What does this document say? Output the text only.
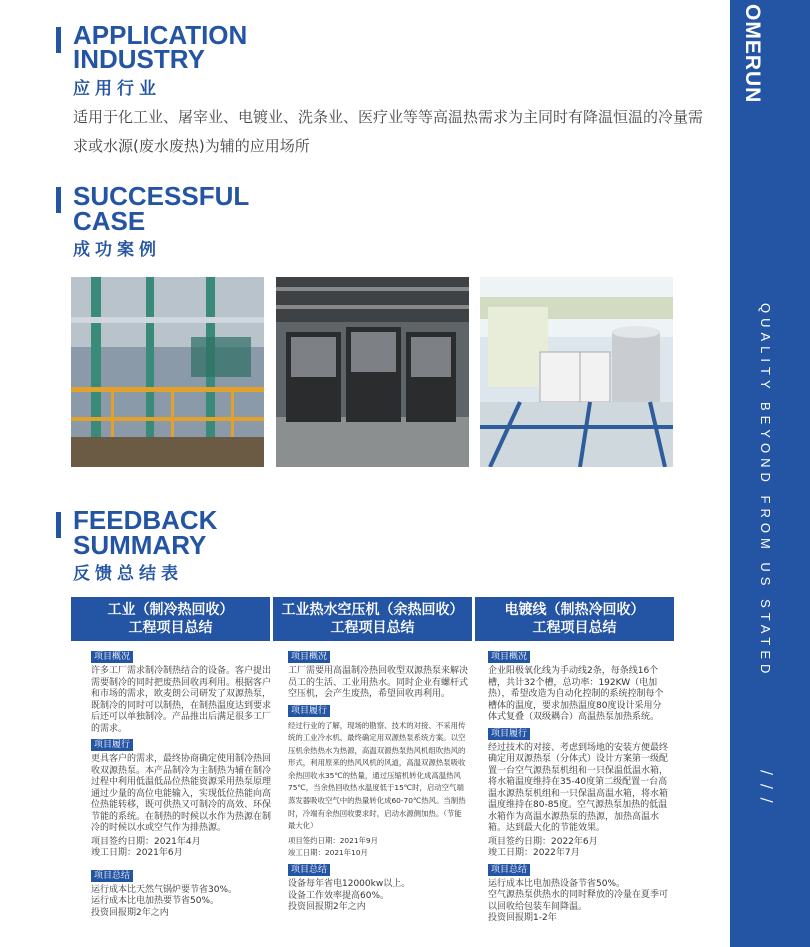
OMERUN
QUALITY BEYOND FROM US STATED
/ / /
APPLICATION
INDUSTRY
应用行业
适用于化工业、屠宰业、电镀业、洗条业、医疗业等等高温热需求为主同时有降温恒温的冷量需求或水源(废水废热)为辅的应用场所
SUCCESSFUL
CASE
成功案例
FEEDBACK
SUMMARY
反馈总结表
工业（制冷热回收）
工程项目总结
工业热水空压机（余热回收）
工程项目总结
电镀线（制热冷回收）
工程项目总结
项目概况

许多工厂需求制冷制热结合的设备。客户提出需要制冷的同时把废热回收再利用。根据客户和市场的需求，欧麦朗公司研发了双源热泵，既制冷的同时可以制热，在制热温度达到要求后还可以单独制冷。产品推出后满足很多工厂的需求。

项目履行

更具客户的需求，最终协商确定使用制冷热回收双源热泵。本产品制冷为主制热为辅在制冷过程中利用低温低品位热能资源采用热泵原理通过少量的高位电能输入，实现低位热能向高位热能转移，既可供热又可制冷的高效、环保节能的系统。在制热的时候以水作为热源在制冷的时候以水或空气作为排热源。

项目签约日期：2021年4月

竣工日期：2021年6月

项目总结

运行成本比天然气锅炉要节省30%。

运行成本比电加热要节省50%。

投资回报期2年之内

项目概况

工厂需要用高温制冷热回收型双源热泵来解决员工的生活、工业用热水。同时企业有螺杆式空压机，会产生废热，希望回收再利用。

项目履行

经过行业的了解，现场的勘察、技术的对接、不采用传统的工业冷水机、最终确定用双源热泵系统方案。以空压机余热热水为热源，高温双源热泵热风机组吹热风的形式，利用原来的热风风机的风道，高温双源热泵吸收余热回收水35℃的热量，通过压缩机转化成高温热风75℃，当余热回收热水温度低于15℃时，启动空气端蒸发器吸收空气中的热量转化成60-70℃热风。当制热时，冷端有余热回收要求时，启动水源侧加热。（节能最大化）

项目签约日期：2021年9月

竣工日期：2021年10月

项目总结

设备每年省电12000kw以上。

设备工作效率提高60%。

投资回报期2年之内

项目概况

企业阳极氧化线为手动线2条，每条线16个槽，共计32个槽，总功率：192KW（电加热），希望改造为自动化控制的系统控制每个槽体的温度，要求加热温度80度设计采用分体式复叠（双级耦合）高温热泵加热系统。

项目履行

经过技术的对接、考虑到场地的安装方便最终确定用双源热泵（分体式）设计方案第一级配置一台空气源热泵机组和一只保温低温水箱，将水箱温度维持在35-40度第二级配置一台高温水源热泵机组和一只保温高温水箱，将水箱温度维持在80-85度。空气源热泵加热的低温水箱作为高温水源热泵的热源，加热高温水箱。达到最大化的节能效果。

项目签约日期：2022年6月

竣工日期：2022年7月

项目总结

运行成本比电加热设备节省50%。

空气源热泵供热水的同时释放的冷量在夏季可以回收给包装车间降温。

投资回报期1-2年
